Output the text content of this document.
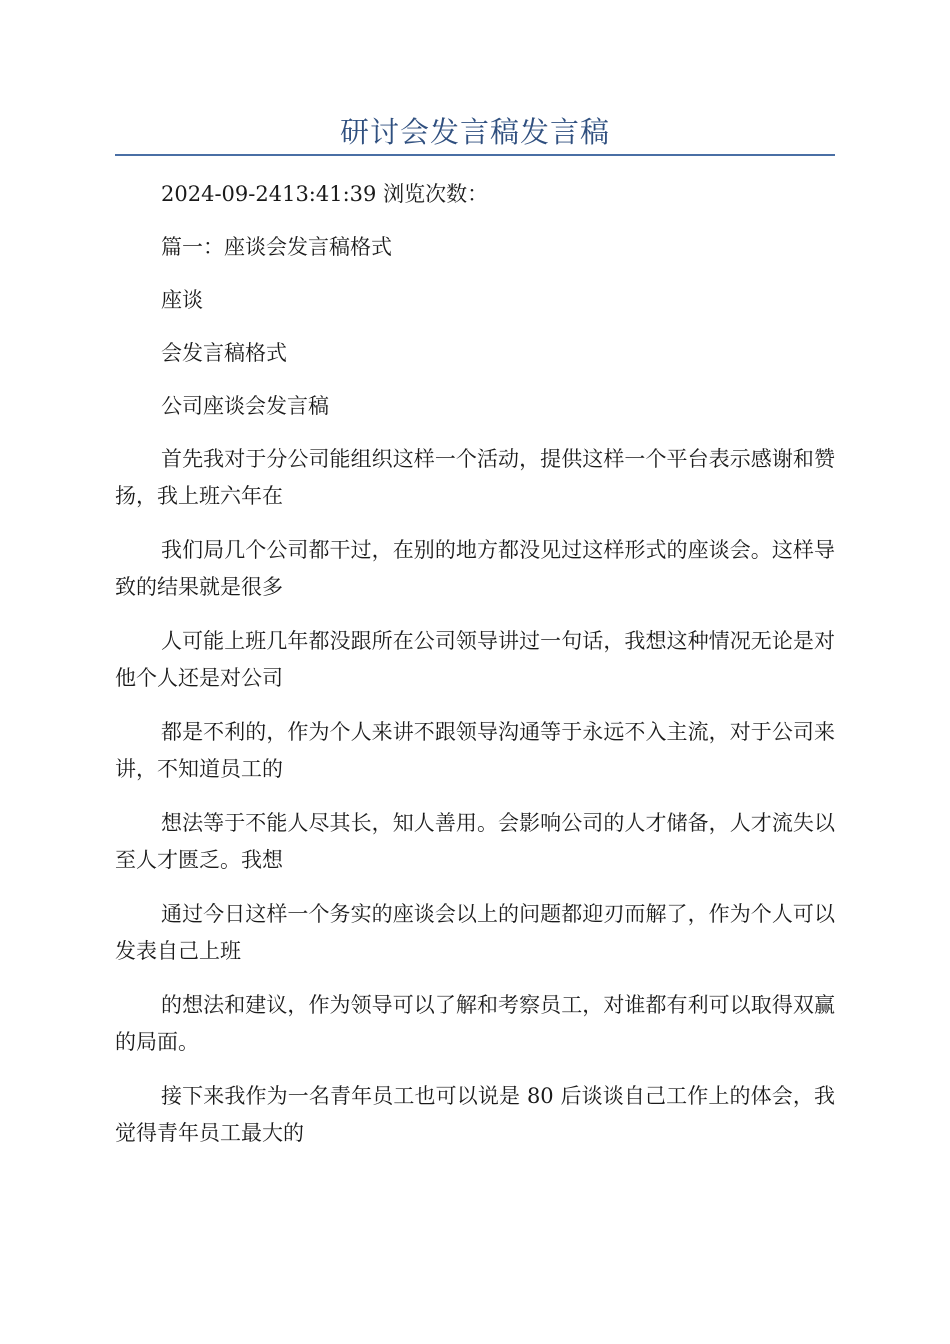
研讨会发言稿发言稿

2024-09-2413:41:39 浏览次数：

篇一：座谈会发言稿格式

座谈

会发言稿格式

公司座谈会发言稿

首先我对于分公司能组织这样一个活动，提供这样一个平台表示感谢和赞扬，我上班六年在

我们局几个公司都干过，在别的地方都没见过这样形式的座谈会。这样导致的结果就是很多

人可能上班几年都没跟所在公司领导讲过一句话，我想这种情况无论是对他个人还是对公司

都是不利的，作为个人来讲不跟领导沟通等于永远不入主流，对于公司来讲，不知道员工的

想法等于不能人尽其长，知人善用。会影响公司的人才储备，人才流失以至人才匮乏。我想

通过今日这样一个务实的座谈会以上的问题都迎刃而解了，作为个人可以发表自己上班

的想法和建议，作为领导可以了解和考察员工，对谁都有利可以取得双赢的局面。

接下来我作为一名青年员工也可以说是 80 后谈谈自己工作上的体会，我觉得青年员工最大的
